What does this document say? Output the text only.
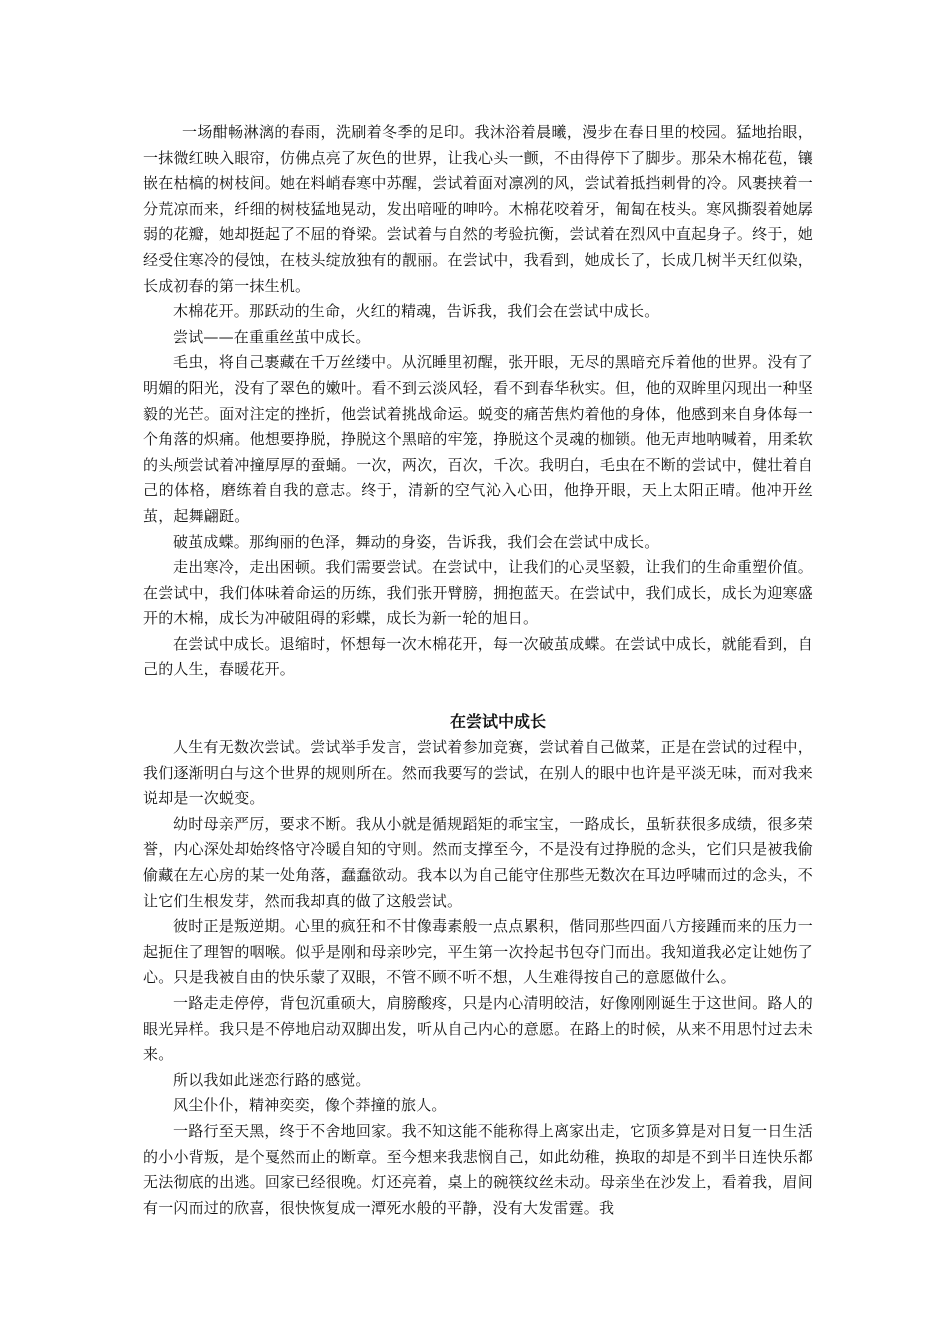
一场酣畅淋漓的春雨，洗刷着冬季的足印。我沐浴着晨曦，漫步在春日里的校园。猛地抬眼，一抹微红映入眼帘，仿佛点亮了灰色的世界，让我心头一颤，不由得停下了脚步。那朵木棉花苞，镶嵌在枯槁的树枝间。她在料峭春寒中苏醒，尝试着面对凛冽的风，尝试着抵挡刺骨的冷。风裹挟着一分荒凉而来，纤细的树枝猛地晃动，发出喑哑的呻吟。木棉花咬着牙，匍匐在枝头。寒风撕裂着她孱弱的花瓣，她却挺起了不屈的脊梁。尝试着与自然的考验抗衡，尝试着在烈风中直起身子。终于，她经受住寒冷的侵蚀，在枝头绽放独有的靓丽。在尝试中，我看到，她成长了，长成几树半天红似染，长成初春的第一抹生机。

木棉花开。那跃动的生命，火红的精魂，告诉我，我们会在尝试中成长。

尝试——在重重丝茧中成长。

毛虫，将自己裹藏在千万丝缕中。从沉睡里初醒，张开眼，无尽的黑暗充斥着他的世界。没有了明媚的阳光，没有了翠色的嫩叶。看不到云淡风轻，看不到春华秋实。但，他的双眸里闪现出一种坚毅的光芒。面对注定的挫折，他尝试着挑战命运。蜕变的痛苦焦灼着他的身体，他感到来自身体每一个角落的炽痛。他想要挣脱，挣脱这个黑暗的牢笼，挣脱这个灵魂的枷锁。他无声地呐喊着，用柔软的头颅尝试着冲撞厚厚的蚕蛹。一次，两次，百次，千次。我明白，毛虫在不断的尝试中，健壮着自己的体格，磨练着自我的意志。终于，清新的空气沁入心田，他挣开眼，天上太阳正晴。他冲开丝茧，起舞翩跹。

破茧成蝶。那绚丽的色泽，舞动的身姿，告诉我，我们会在尝试中成长。

走出寒冷，走出困顿。我们需要尝试。在尝试中，让我们的心灵坚毅，让我们的生命重塑价值。在尝试中，我们体味着命运的历练，我们张开臂膀，拥抱蓝天。在尝试中，我们成长，成长为迎寒盛开的木棉，成长为冲破阻碍的彩蝶，成长为新一轮的旭日。

在尝试中成长。退缩时，怀想每一次木棉花开，每一次破茧成蝶。在尝试中成长，就能看到，自己的人生，春暖花开。

在尝试中成长

人生有无数次尝试。尝试举手发言，尝试着参加竞赛，尝试着自己做菜，正是在尝试的过程中，我们逐渐明白与这个世界的规则所在。然而我要写的尝试，在别人的眼中也许是平淡无味，而对我来说却是一次蜕变。

幼时母亲严厉，要求不断。我从小就是循规蹈矩的乖宝宝，一路成长，虽斩获很多成绩，很多荣誉，内心深处却始终恪守冷暖自知的守则。然而支撑至今，不是没有过挣脱的念头，它们只是被我偷偷藏在左心房的某一处角落，蠢蠢欲动。我本以为自己能守住那些无数次在耳边呼啸而过的念头，不让它们生根发芽，然而我却真的做了这般尝试。

彼时正是叛逆期。心里的疯狂和不甘像毒素般一点点累积，偕同那些四面八方接踵而来的压力一起扼住了理智的咽喉。似乎是刚和母亲吵完，平生第一次拎起书包夺门而出。我知道我必定让她伤了心。只是我被自由的快乐蒙了双眼，不管不顾不听不想，人生难得按自己的意愿做什么。

一路走走停停，背包沉重硕大，肩膀酸疼，只是内心清明皎洁，好像刚刚诞生于这世间。路人的眼光异样。我只是不停地启动双脚出发，听从自己内心的意愿。在路上的时候，从来不用思忖过去未来。

所以我如此迷恋行路的感觉。

风尘仆仆，精神奕奕，像个莽撞的旅人。

一路行至天黑，终于不舍地回家。我不知这能不能称得上离家出走，它顶多算是对日复一日生活的小小背叛，是个戛然而止的断章。至今想来我悲悯自己，如此幼稚，换取的却是不到半日连快乐都无法彻底的出逃。回家已经很晚。灯还亮着，桌上的碗筷纹丝未动。母亲坐在沙发上，看着我，眉间有一闪而过的欣喜，很快恢复成一潭死水般的平静，没有大发雷霆。我
